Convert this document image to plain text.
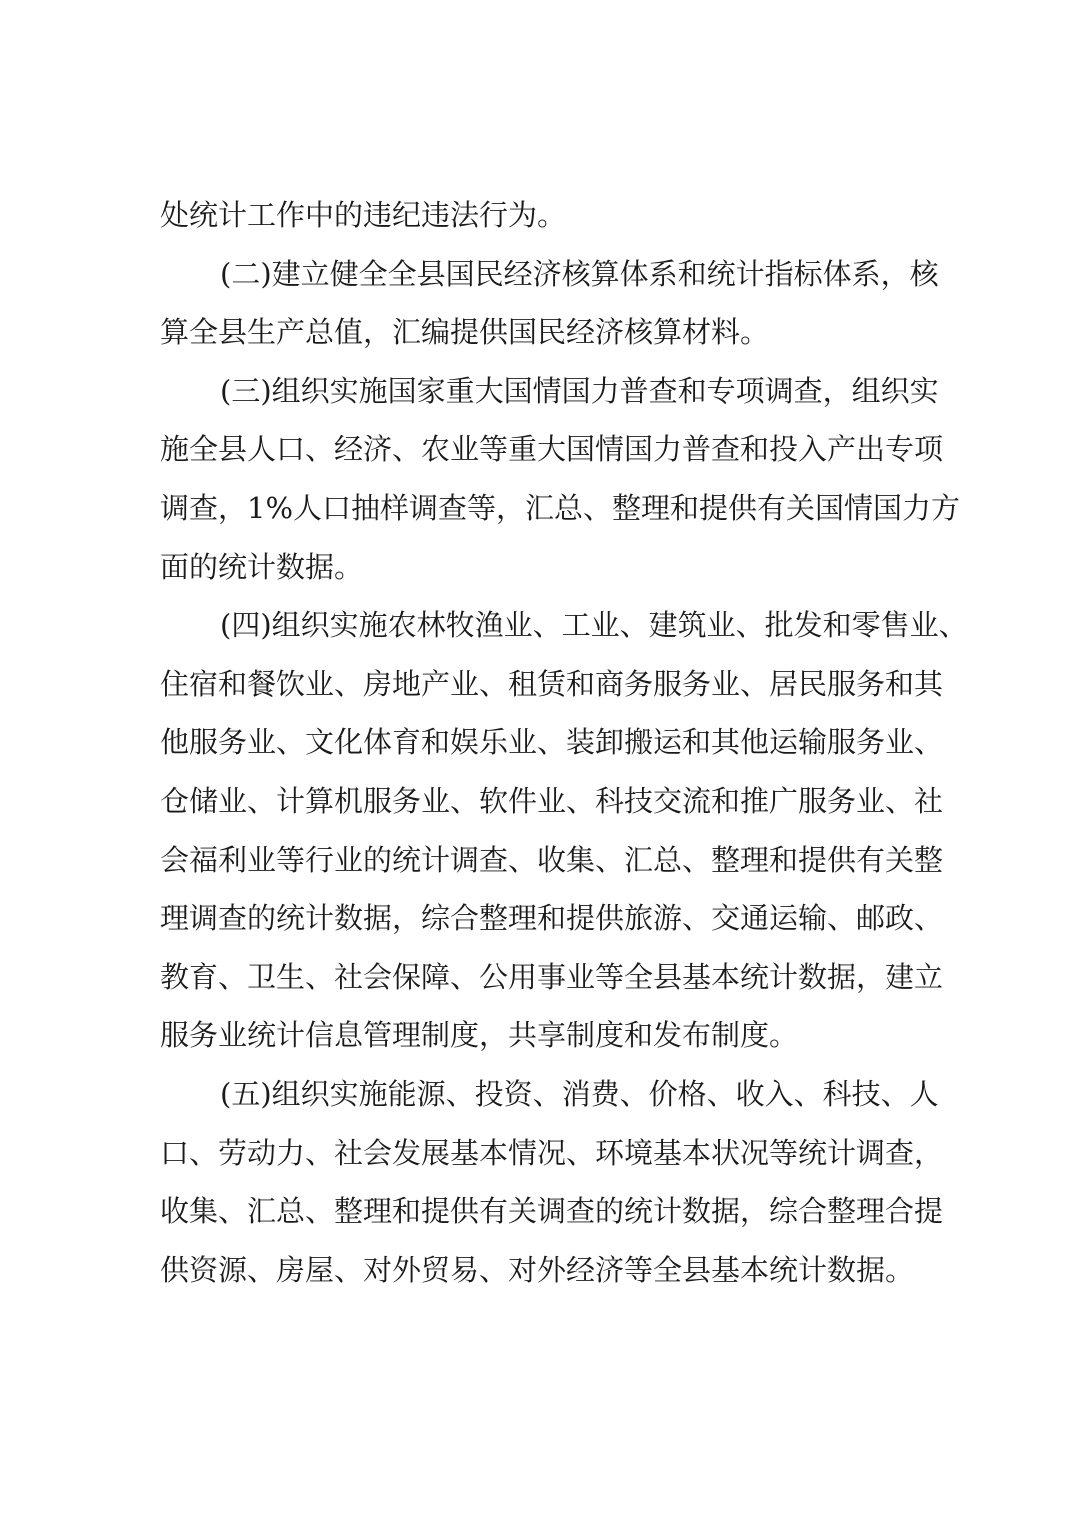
处统计工作中的违纪违法行为。
(二)建立健全全县国民经济核算体系和统计指标体系，核
算全县生产总值，汇编提供国民经济核算材料。
(三)组织实施国家重大国情国力普查和专项调查，组织实
施全县人口、经济、农业等重大国情国力普查和投入产出专项
调查，1%人口抽样调查等，汇总、整理和提供有关国情国力方
面的统计数据。
(四)组织实施农林牧渔业、工业、建筑业、批发和零售业、
住宿和餐饮业、房地产业、租赁和商务服务业、居民服务和其
他服务业、文化体育和娱乐业、装卸搬运和其他运输服务业、
仓储业、计算机服务业、软件业、科技交流和推广服务业、社
会福利业等行业的统计调查、收集、汇总、整理和提供有关整
理调查的统计数据，综合整理和提供旅游、交通运输、邮政、
教育、卫生、社会保障、公用事业等全县基本统计数据，建立
服务业统计信息管理制度，共享制度和发布制度。
(五)组织实施能源、投资、消费、价格、收入、科技、人
口、劳动力、社会发展基本情况、环境基本状况等统计调查，
收集、汇总、整理和提供有关调查的统计数据，综合整理合提
供资源、房屋、对外贸易、对外经济等全县基本统计数据。
